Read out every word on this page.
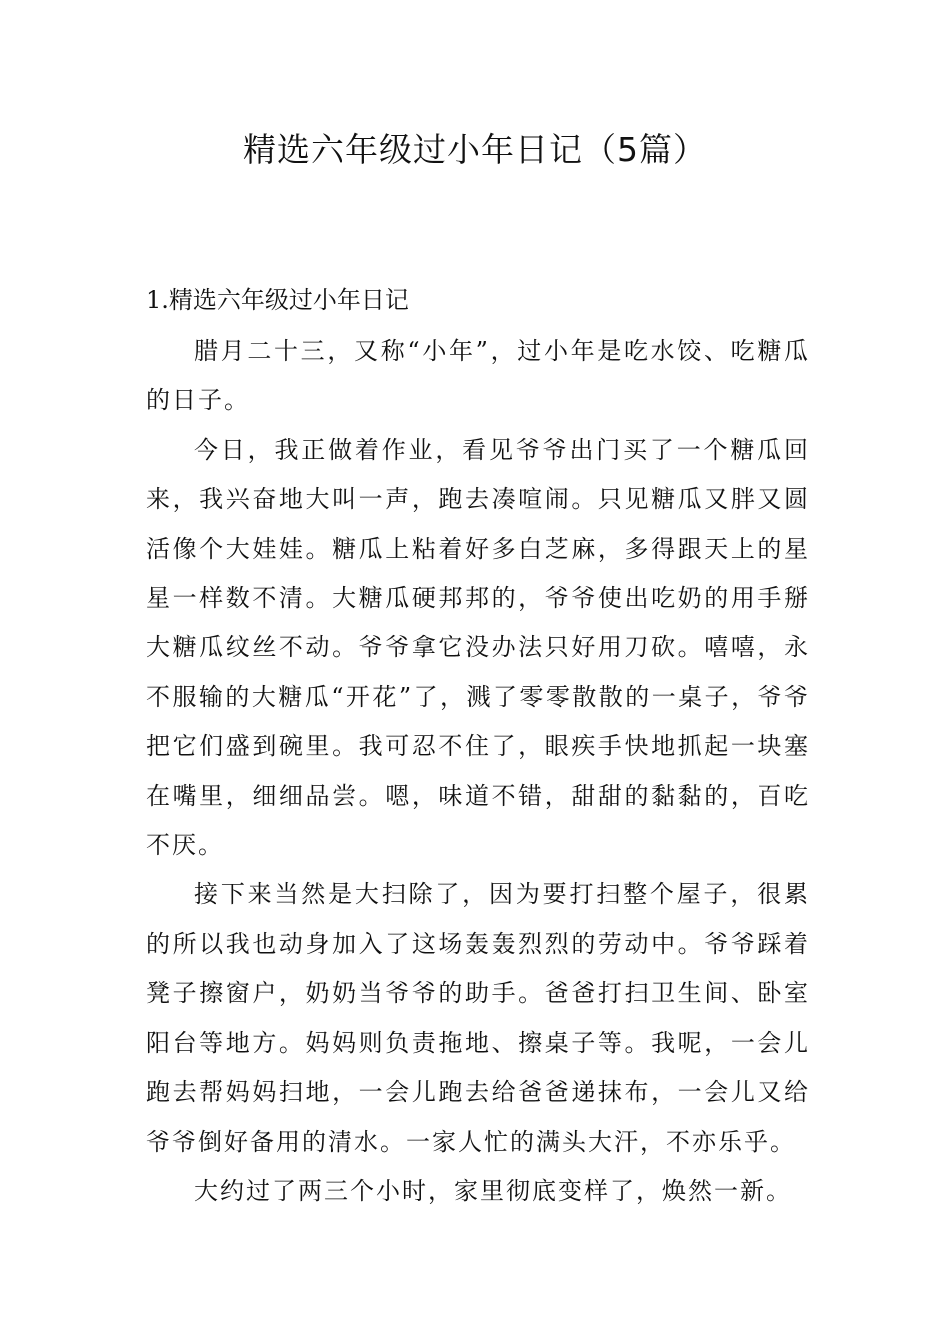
精选六年级过小年日记（5篇）
1.精选六年级过小年日记

腊月二十三，又称“小年”，过小年是吃水饺、吃糖瓜的日子。

今日，我正做着作业，看见爷爷出门买了一个糖瓜回来，我兴奋地大叫一声，跑去凑喧闹。只见糖瓜又胖又圆活像个大娃娃。糖瓜上粘着好多白芝麻，多得跟天上的星星一样数不清。大糖瓜硬邦邦的，爷爷使出吃奶的用手掰大糖瓜纹丝不动。爷爷拿它没办法只好用刀砍。嘻嘻，永不服输的大糖瓜“开花”了，溅了零零散散的一桌子，爷爷把它们盛到碗里。我可忍不住了，眼疾手快地抓起一块塞在嘴里，细细品尝。嗯，味道不错，甜甜的黏黏的，百吃不厌。

接下来当然是大扫除了，因为要打扫整个屋子，很累的所以我也动身加入了这场轰轰烈烈的劳动中。爷爷踩着凳子擦窗户，奶奶当爷爷的助手。爸爸打扫卫生间、卧室阳台等地方。妈妈则负责拖地、擦桌子等。我呢，一会儿跑去帮妈妈扫地，一会儿跑去给爸爸递抹布，一会儿又给爷爷倒好备用的清水。一家人忙的满头大汗，不亦乐乎。

大约过了两三个小时，家里彻底变样了，焕然一新。
